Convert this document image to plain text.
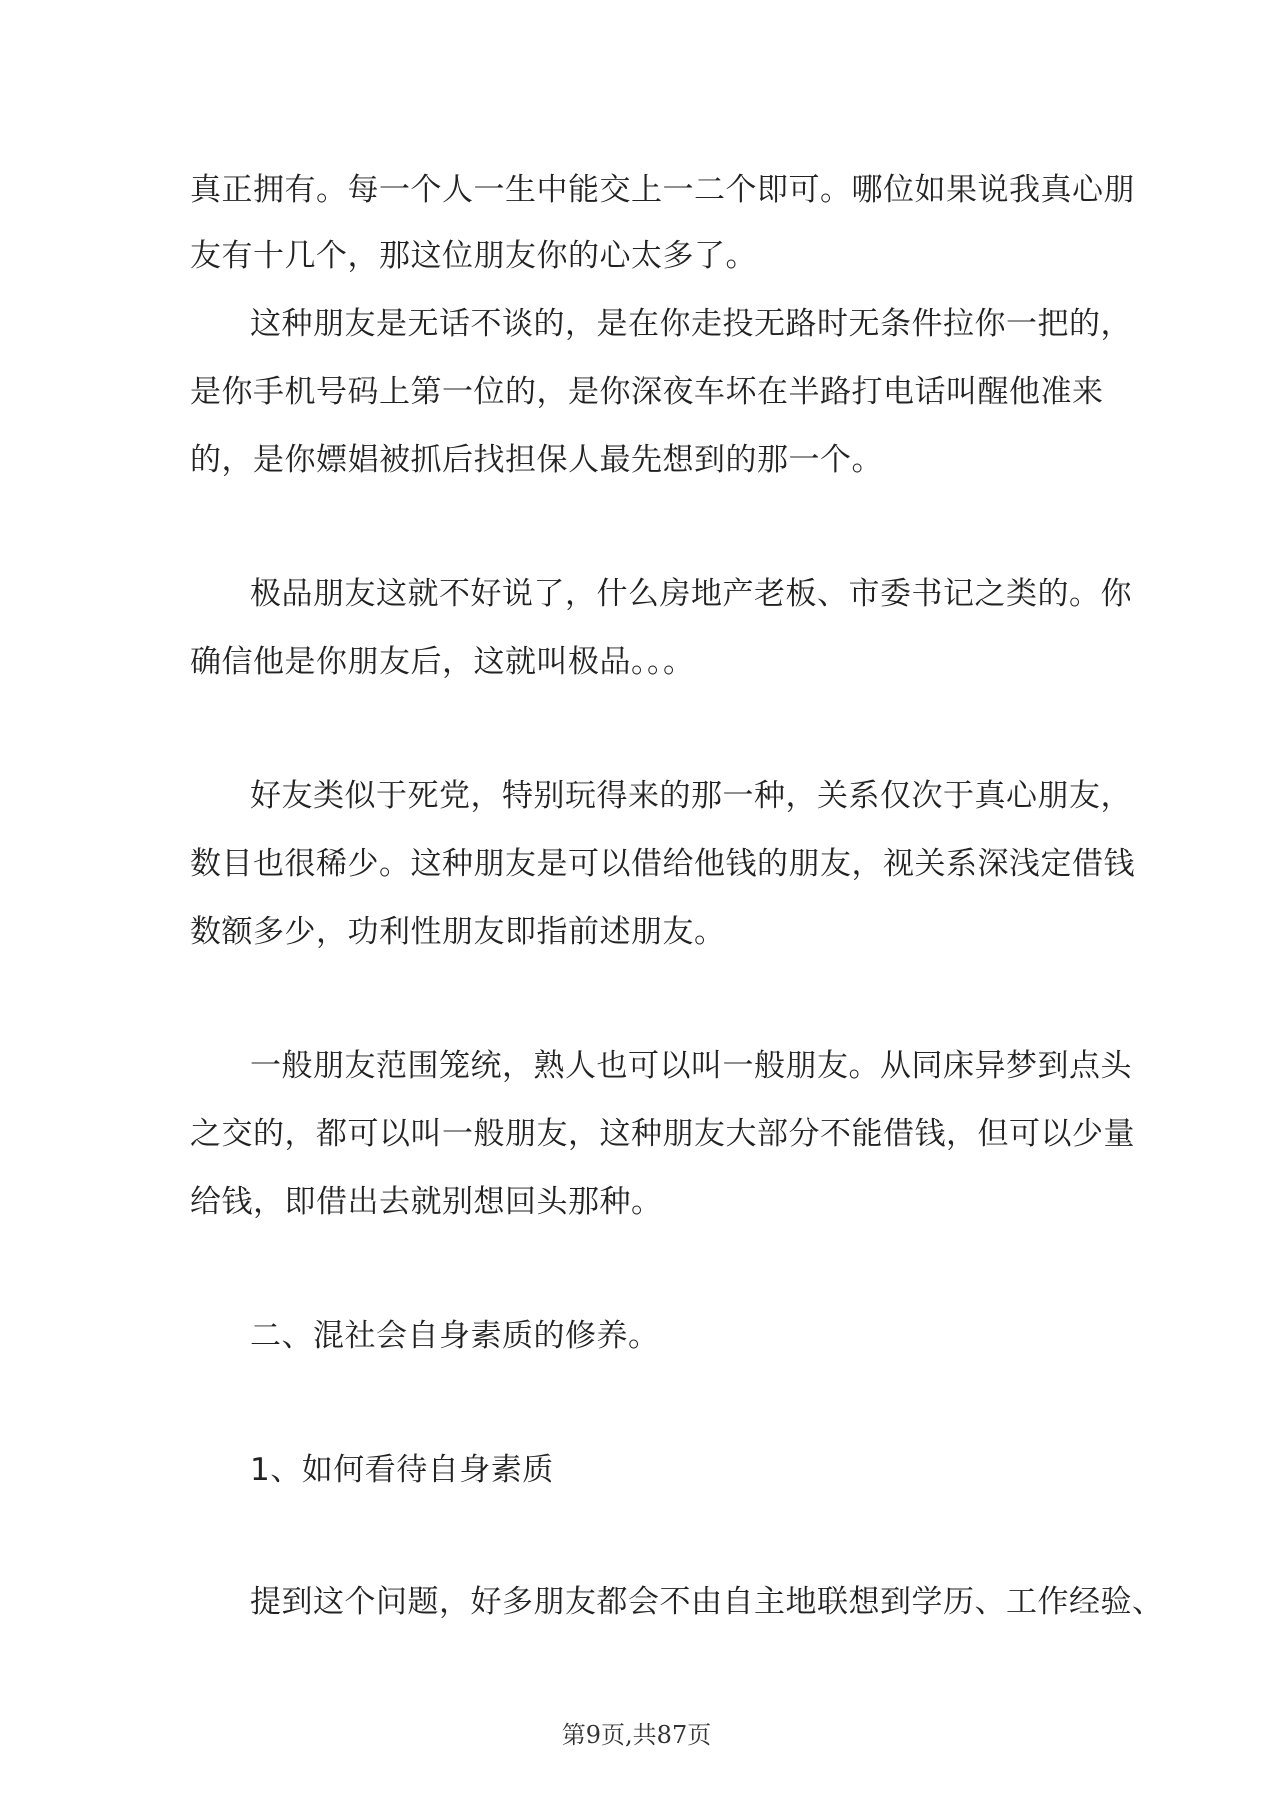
真正拥有。每一个人一生中能交上一二个即可。哪位如果说我真心朋
友有十几个，那这位朋友你的心太多了。
这种朋友是无话不谈的，是在你走投无路时无条件拉你一把的，
是你手机号码上第一位的，是你深夜车坏在半路打电话叫醒他准来
的，是你嫖娼被抓后找担保人最先想到的那一个。
极品朋友这就不好说了，什么房地产老板、市委书记之类的。你
确信他是你朋友后，这就叫极品。。。
好友类似于死党，特别玩得来的那一种，关系仅次于真心朋友，
数目也很稀少。这种朋友是可以借给他钱的朋友，视关系深浅定借钱
数额多少，功利性朋友即指前述朋友。
一般朋友范围笼统，熟人也可以叫一般朋友。从同床异梦到点头
之交的，都可以叫一般朋友，这种朋友大部分不能借钱，但可以少量
给钱，即借出去就别想回头那种。
二、混社会自身素质的修养。
1、如何看待自身素质
提到这个问题，好多朋友都会不由自主地联想到学历、工作经验、
第9页,共87页
